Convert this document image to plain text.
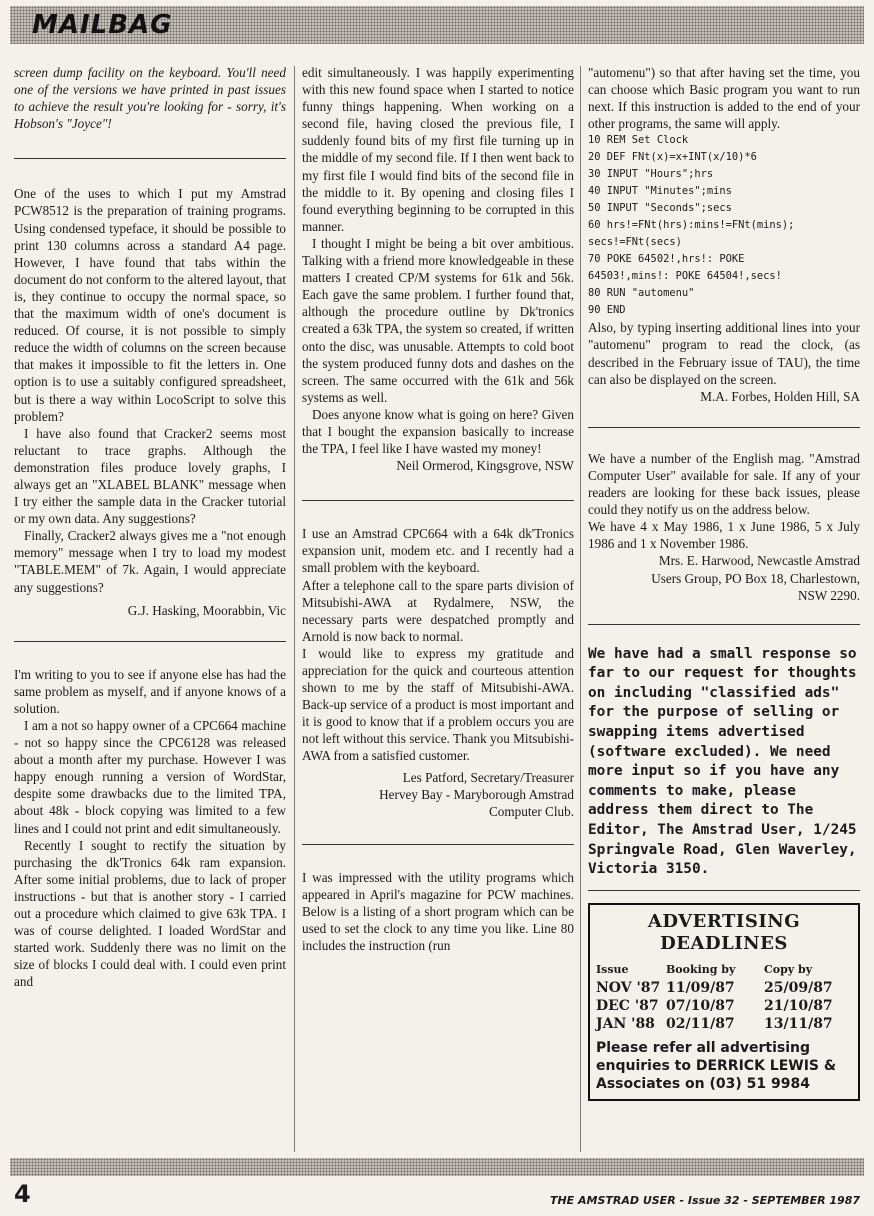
MAILBAG

screen dump facility on the keyboard. You'll need one of the versions we have printed in past issues to achieve the result you're looking for - sorry, it's Hobson's "Joyce"!

One of the uses to which I put my Amstrad PCW8512 is the preparation of training programs. Using condensed typeface, it should be possible to print 130 columns across a standard A4 page. However, I have found that tabs within the document do not conform to the altered layout, that is, they continue to occupy the normal space, so that the maximum width of one's document is reduced. Of course, it is not possible to simply reduce the width of columns on the screen because that makes it impossible to fit the letters in. One option is to use a suitably configured spreadsheet, but is there a way within LocoScript to solve this problem?

I have also found that Cracker2 seems most reluctant to trace graphs. Although the demonstration files produce lovely graphs, I always get an "XLABEL BLANK" message when I try either the sample data in the Cracker tutorial or my own data. Any suggestions?

Finally, Cracker2 always gives me a "not enough memory" message when I try to load my modest "TABLE.MEM" of 7k. Again, I would appreciate any suggestions?

G.J. Hasking, Moorabbin, Vic

I'm writing to you to see if anyone else has had the same problem as myself, and if anyone knows of a solution.

I am a not so happy owner of a CPC664 machine - not so happy since the CPC6128 was released about a month after my purchase. However I was happy enough running a version of WordStar, despite some drawbacks due to the limited TPA, about 48k - block copying was limited to a few lines and I could not print and edit simultaneously.

Recently I sought to rectify the situation by purchasing the dk'Tronics 64k ram expansion. After some initial problems, due to lack of proper instructions - but that is another story - I carried out a procedure which claimed to give 63k TPA. I was of course delighted. I loaded WordStar and started work. Suddenly there was no limit on the size of blocks I could deal with. I could even print and

edit simultaneously. I was happily experimenting with this new found space when I started to notice funny things happening. When working on a second file, having closed the previous file, I suddenly found bits of my first file turning up in the middle of my second file. If I then went back to my first file I would find bits of the second file in the middle to it. By opening and closing files I found everything beginning to be corrupted in this manner.

I thought I might be being a bit over ambitious. Talking with a friend more knowledgeable in these matters I created CP/M systems for 61k and 56k. Each gave the same problem. I further found that, although the procedure outline by Dk'tronics created a 63k TPA, the system so created, if written onto the disc, was unusable. Attempts to cold boot the system produced funny dots and dashes on the screen. The same occurred with the 61k and 56k systems as well.

Does anyone know what is going on here? Given that I bought the expansion basically to increase the TPA, I feel like I have wasted my money!

Neil Ormerod, Kingsgrove, NSW

I use an Amstrad CPC664 with a 64k dk'Tronics expansion unit, modem etc. and I recently had a small problem with the keyboard.

After a telephone call to the spare parts division of Mitsubishi-AWA at Rydalmere, NSW, the necessary parts were despatched promptly and Arnold is now back to normal.

I would like to express my gratitude and appreciation for the quick and courteous attention shown to me by the staff of Mitsubishi-AWA. Back-up service of a product is most important and it is good to know that if a problem occurs you are not left without this service. Thank you Mitsubishi-AWA from a satisfied customer.

Les Patford, Secretary/Treasurer
Hervey Bay - Maryborough Amstrad
Computer Club.

I was impressed with the utility programs which appeared in April's magazine for PCW machines. Below is a listing of a short program which can be used to set the clock to any time you like. Line 80 includes the instruction (run

"automenu") so that after having set the time, you can choose which Basic program you want to run next. If this instruction is added to the end of your other programs, the same will apply.

10 REM Set Clock
20 DEF FNt(x)=x+INT(x/10)*6
30 INPUT "Hours";hrs
40 INPUT "Minutes";mins
50 INPUT "Seconds";secs
60 hrs!=FNt(hrs):mins!=FNt(mins);
secs!=FNt(secs)
70 POKE 64502!,hrs!: POKE
64503!,mins!: POKE 64504!,secs!
80 RUN "automenu"
90 END

Also, by typing inserting additional lines into your "automenu" program to read the clock, (as described in the February issue of TAU), the time can also be displayed on the screen.

M.A. Forbes, Holden Hill, SA

We have a number of the English mag. "Amstrad Computer User" available for sale. If any of your readers are looking for these back issues, please could they notify us on the address below.

We have 4 x May 1986, 1 x June 1986, 5 x July 1986 and 1 x November 1986.

Mrs. E. Harwood, Newcastle Amstrad
Users Group, PO Box 18, Charlestown,
NSW 2290.

We have had a small response so far to our request for thoughts on including "classified ads" for the purpose of selling or swapping items advertised (software excluded). We need more input so if you have any comments to make, please address them direct to The Editor, The Amstrad User, 1/245 Springvale Road, Glen Waverley, Victoria 3150.

ADVERTISING
DEADLINES
Issue	Booking by	Copy by
NOV '87 11/09/87	25/09/87
DEC '87 07/10/87	21/10/87
JAN '88 02/11/87	13/11/87
Please refer all advertising enquiries to DERRICK LEWIS & Associates on (03) 51 9984
4	THE AMSTRAD USER - Issue 32 - SEPTEMBER 1987
